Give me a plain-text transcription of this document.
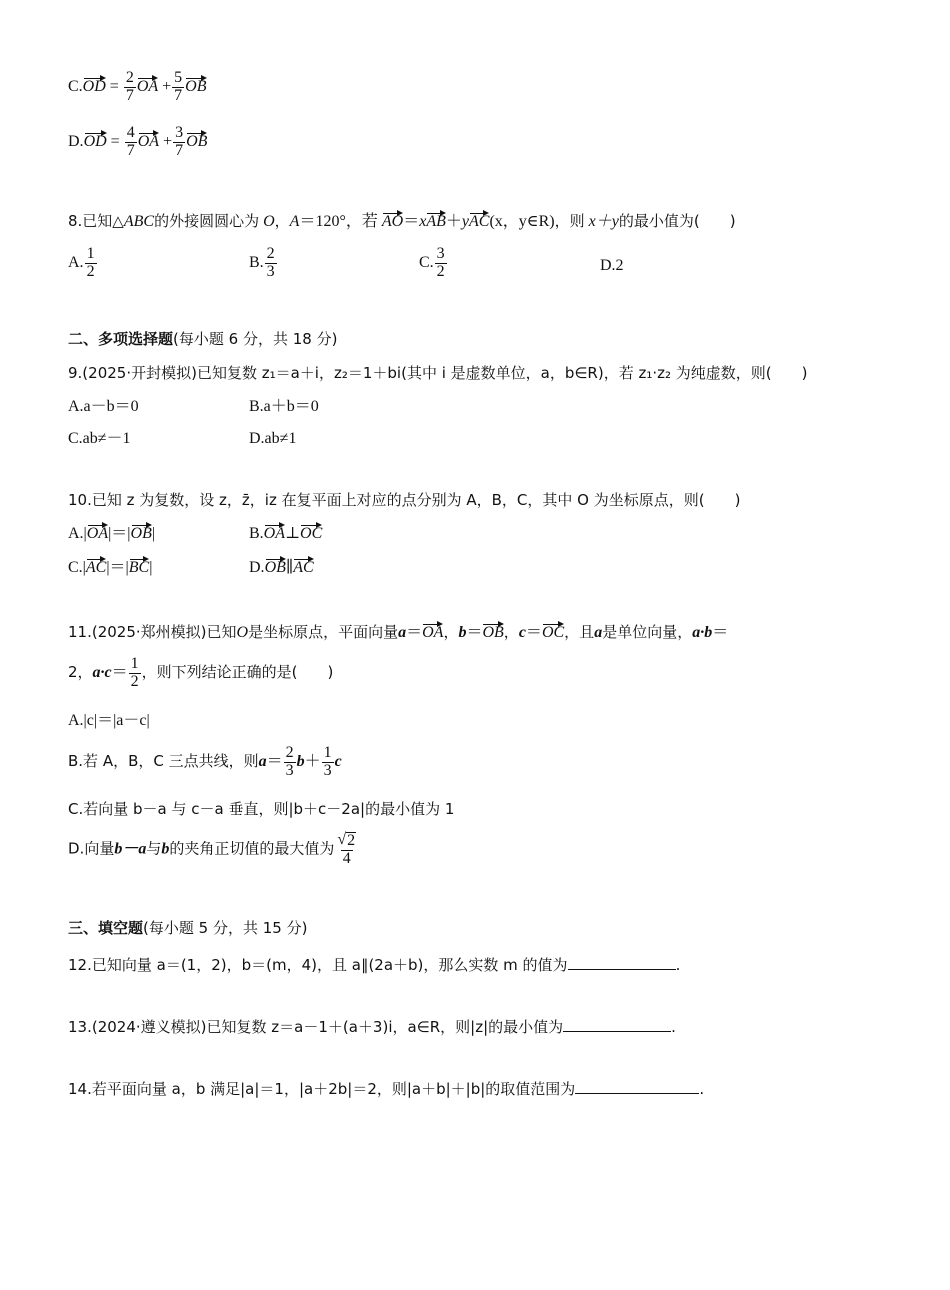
$C.OD = \frac{2}{7}$ OA + $\frac{5}{7}$ OB
$D.OD = \frac{4}{7}$ OA + $\frac{3}{7}$ OB
8.已知△ABC的外接圆圆心为 O，A＝120°，若 AO＝xAB＋yAC(x，y∈R)，则 x＋y的最小值为(　　)
A. $\frac{1}{2}$	B. $\frac{2}{3}$	C. $\frac{3}{2}$	D.2
二、多项选择题(每小题 6 分，共 18 分)
9.(2025·开封模拟)已知复数 z₁＝a＋i，z₂＝1＋bi(其中 i 是虚数单位，a，b∈R)，若 z₁·z₂ 为纯虚数，则(　　)
A.a－b＝0	B.a＋b＝0
C.ab≠－1	D.ab≠1
10.已知 z 为复数，设 z，z̄，iz 在复平面上对应的点分别为 A，B，C，其中 O 为坐标原点，则(　　)
A.|OA|＝|OB|	B.OA⊥OC
C.|AC|＝|BC|	D.OB∥AC
11.(2025·郑州模拟)已知O是坐标原点，平面向量a＝OA，b＝OB，c＝OC，且a是单位向量，a·b＝
2，$a\cdot c= \frac{1}{2}$ ，则下列结论正确的是(　　)
A.|c|＝|a－c|
B.若 A，B，C 三点共线，则$a= \frac{2}{3} b+ \frac{1}{3}$ c
C.若向量 b－a 与 c－a 垂直，则|b＋c－2a|的最小值为 1
D.向量b－a与b的夹角正切值的最大值为 $\frac{√ 2}{4}$
三、填空题(每小题 5 分，共 15 分)
12.已知向量 a＝(1，2)，b＝(m，4)，且 a∥(2a＋b)，那么实数 m 的值为	.
13.(2024·遵义模拟)已知复数 z＝a－1＋(a＋3)i，a∈R，则|z|的最小值为	.
14.若平面向量 a，b 满足|a|＝1，|a＋2b|＝2，则|a＋b|＋|b|的取值范围为	.
